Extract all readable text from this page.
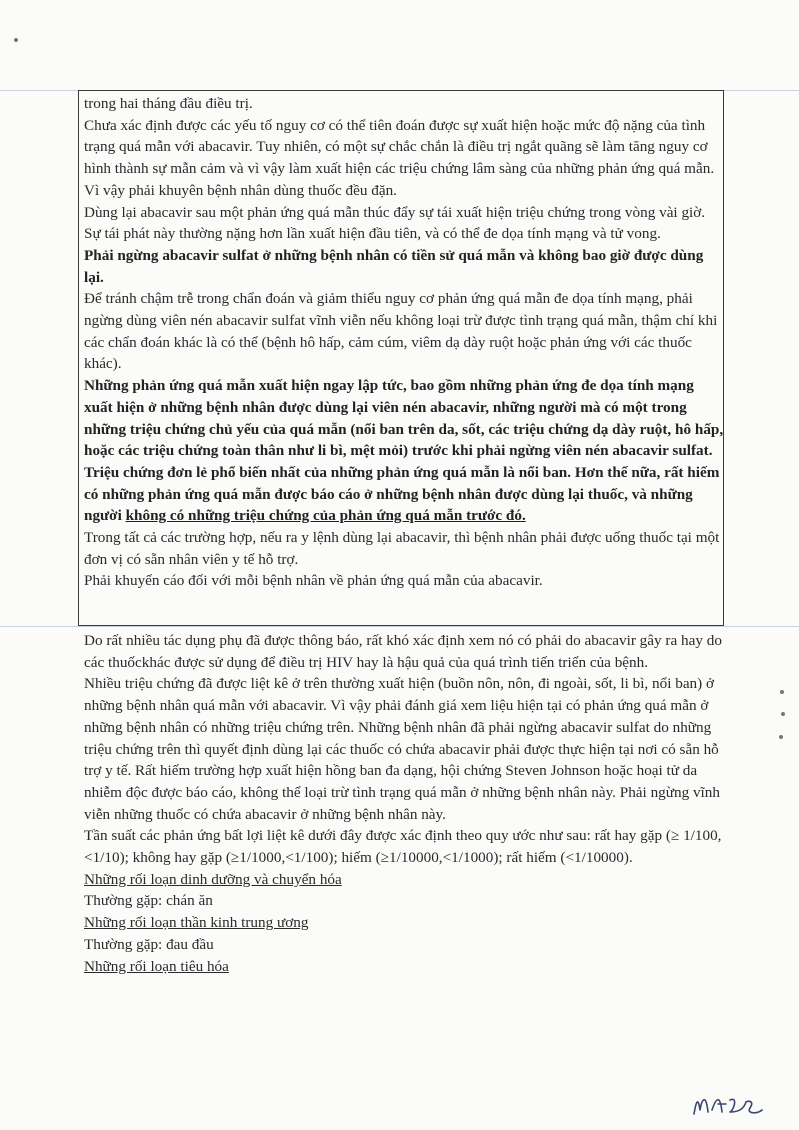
trong hai tháng đầu điều trị.

Chưa xác định được các yếu tố nguy cơ có thể tiên đoán được sự xuất hiện hoặc mức độ nặng của tình trạng quá mẫn với abacavir. Tuy nhiên, có một sự chắc chắn là điều trị ngắt quãng sẽ làm tăng nguy cơ hình thành sự mẫn cảm và vì vậy làm xuất hiện các triệu chứng lâm sàng của những phản ứng quá mẫn. Vì vậy phải khuyên bệnh nhân dùng thuốc đều đặn.

Dùng lại abacavir sau một phản ứng quá mẫn thúc đẩy sự tái xuất hiện triệu chứng trong vòng vài giờ. Sự tái phát này thường nặng hơn lần xuất hiện đầu tiên, và có thể đe dọa tính mạng và tử vong.

Phải ngừng abacavir sulfat ở những bệnh nhân có tiền sử quá mẫn và không bao giờ được dùng lại.

Để tránh chậm trễ trong chẩn đoán và giảm thiểu nguy cơ phản ứng quá mẫn đe dọa tính mạng, phải ngừng dùng viên nén abacavir sulfat vĩnh viễn nếu không loại trừ được tình trạng quá mẫn, thậm chí khi các chẩn đoán khác là có thể (bệnh hô hấp, cảm cúm, viêm dạ dày ruột hoặc phản ứng với các thuốc khác).

Những phản ứng quá mẫn xuất hiện ngay lập tức, bao gồm những phản ứng đe dọa tính mạng xuất hiện ở những bệnh nhân được dùng lại viên nén abacavir, những người mà có một trong những triệu chứng chủ yếu của quá mẫn (nổi ban trên da, sốt, các triệu chứng dạ dày ruột, hô hấp, hoặc các triệu chứng toàn thân như li bì, mệt mỏi) trước khi phải ngừng viên nén abacavir sulfat. Triệu chứng đơn lẻ phổ biến nhất của những phản ứng quá mẫn là nổi ban. Hơn thế nữa, rất hiếm có những phản ứng quá mẫn được báo cáo ở những bệnh nhân được dùng lại thuốc, và những người không có những triệu chứng của phản ứng quá mẫn trước đó.

Trong tất cả các trường hợp, nếu ra y lệnh dùng lại abacavir, thì bệnh nhân phải được uống thuốc tại một đơn vị có sẵn nhân viên y tế hỗ trợ.

Phải khuyến cáo đối với mỗi bệnh nhân về phản ứng quá mẫn của abacavir.

Do rất nhiều tác dụng phụ đã được thông báo, rất khó xác định xem nó có phải do abacavir gây ra hay do các thuốckhác được sử dụng để điều trị HIV hay là hậu quả của quá trình tiến triển của bệnh.

Nhiều triệu chứng đã được liệt kê ở trên thường xuất hiện (buồn nôn, nôn, đi ngoài, sốt, li bì, nổi ban) ở những bệnh nhân quá mẫn với abacavir. Vì vậy phải đánh giá xem liệu hiện tại có phản ứng quá mẫn ở những bệnh nhân có những triệu chứng trên. Những bệnh nhân đã phải ngừng abacavir sulfat do những triệu chứng trên thì quyết định dùng lại các thuốc có chứa abacavir phải được thực hiện tại nơi có sẵn hỗ trợ y tế. Rất hiếm trường hợp xuất hiện hồng ban đa dạng, hội chứng Steven Johnson hoặc hoại tử da nhiễm độc được báo cáo, không thể loại trừ tình trạng quá mẫn ở những bệnh nhân này. Phải ngừng vĩnh viễn những thuốc có chứa abacavir ở những bệnh nhân này.

Tần suất các phản ứng bất lợi liệt kê dưới đây được xác định theo quy ước như sau: rất hay gặp (≥ 1/100,<1/10); không hay gặp (≥1/1000,<1/100); hiếm (≥1/10000,<1/1000); rất hiếm (<1/10000).

Những rối loạn dinh dưỡng và chuyển hóa

Thường gặp: chán ăn

Những rối loạn thần kinh trung ương

Thường gặp: đau đầu

Những rối loạn tiêu hóa
